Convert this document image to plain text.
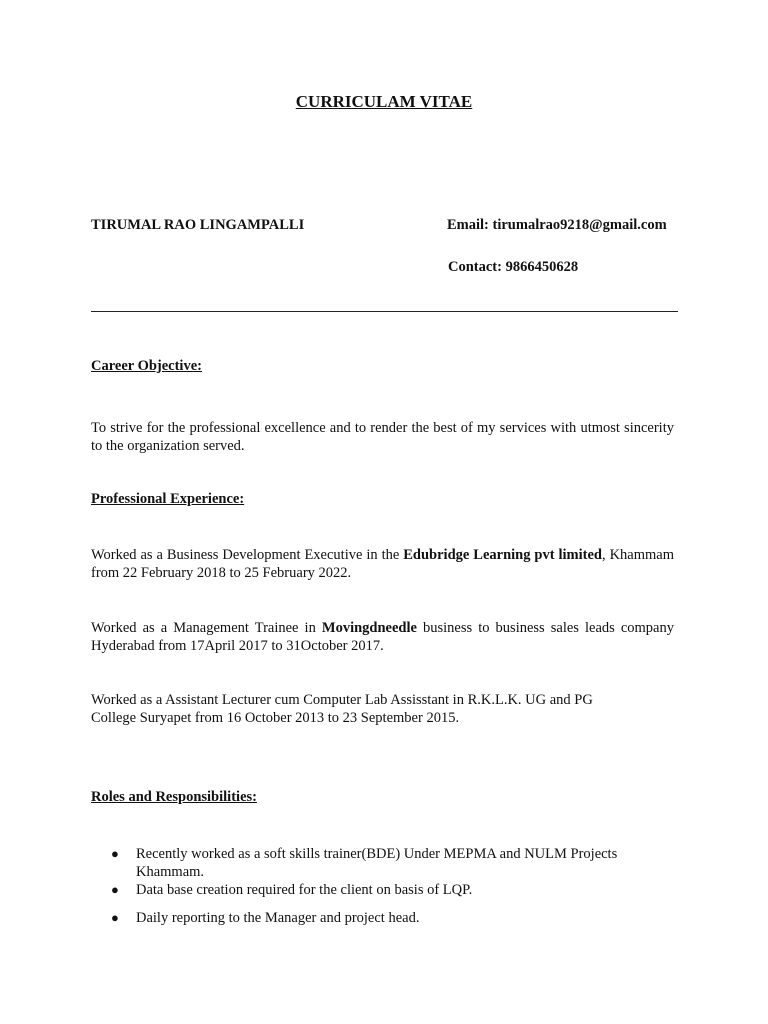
CURRICULAM VITAE
TIRUMAL RAO LINGAMPALLI	Email: tirumalrao9218@gmail.com
Contact: 9866450628
Career Objective:

To strive for the professional excellence and to render the best of my services with utmost sincerity to the organization served.

Professional Experience:

Worked as a Business Development Executive in the Edubridge Learning pvt limited, Khammam from 22 February 2018 to 25 February 2022.

Worked as a Management Trainee in Movingdneedle business to business sales leads company Hyderabad from 17April 2017 to 31October 2017.

Worked as a Assistant Lecturer cum Computer Lab Assisstant in R.K.L.K. UG and PG College Suryapet from 16 October 2013 to 23 September 2015.

Roles and Responsibilities:
● Recently worked as a soft skills trainer(BDE) Under MEPMA and NULM Projects Khammam.
● Data base creation required for the client on basis of LQP.
● Daily reporting to the Manager and project head.
